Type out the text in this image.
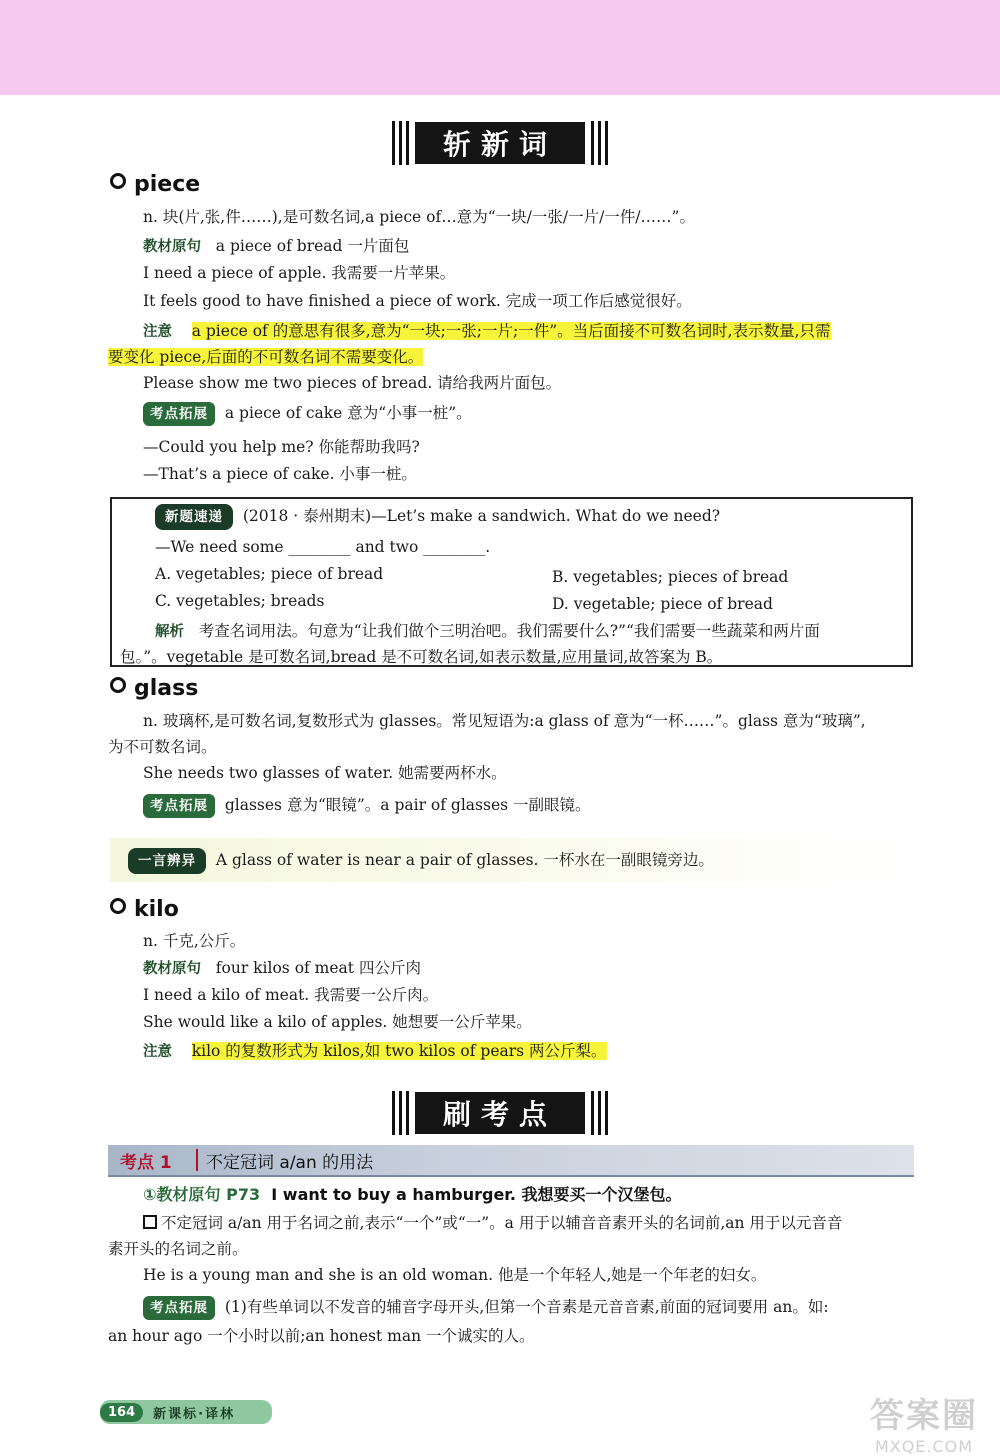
斩新词
piece
n. 块(片,张,件……),是可数名词,a piece of…意为“一块/一张/一片/一件/……”。
教材原句 a piece of bread 一片面包
I need a piece of apple. 我需要一片苹果。
It feels good to have finished a piece of work. 完成一项工作后感觉很好。
注意 a piece of 的意思有很多,意为“一块;一张;一片;一件”。当后面接不可数名词时,表示数量,只需
要变化 piece,后面的不可数名词不需要变化。
Please show me two pieces of bread. 请给我两片面包。
考点拓展 a piece of cake 意为“小事一桩”。
—Could you help me? 你能帮助我吗?
—That’s a piece of cake. 小事一桩。
新题速递 (2018 · 泰州期末)—Let’s make a sandwich. What do we need?
—We need some ________ and two ________.
A. vegetables; piece of bread	B. vegetables; pieces of bread
C. vegetables; breads	D. vegetable; piece of bread
解析 考查名词用法。句意为“让我们做个三明治吧。我们需要什么?”“我们需要一些蔬菜和两片面
包。”。vegetable 是可数名词,bread 是不可数名词,如表示数量,应用量词,故答案为 B。
glass
n. 玻璃杯,是可数名词,复数形式为 glasses。常见短语为:a glass of 意为“一杯……”。glass 意为“玻璃”,
为不可数名词。
She needs two glasses of water. 她需要两杯水。
考点拓展 glasses 意为“眼镜”。a pair of glasses 一副眼镜。
一言辨异 A glass of water is near a pair of glasses. 一杯水在一副眼镜旁边。
kilo
n. 千克,公斤。
教材原句 four kilos of meat 四公斤肉
I need a kilo of meat. 我需要一公斤肉。
She would like a kilo of apples. 她想要一公斤苹果。
注意 kilo 的复数形式为 kilos,如 two kilos of pears 两公斤梨。
刷考点
考点 1 不定冠词 a/an 的用法
①教材原句 P73 I want to buy a hamburger. 我想要买一个汉堡包。
不定冠词 a/an 用于名词之前,表示“一个”或“一”。a 用于以辅音音素开头的名词前,an 用于以元音音
素开头的名词之前。
He is a young man and she is an old woman. 他是一个年轻人,她是一个年老的妇女。
考点拓展 (1)有些单词以不发音的辅音字母开头,但第一个音素是元音音素,前面的冠词要用 an。如:
an hour ago 一个小时以前;an honest man 一个诚实的人。
164	新课标·译林	答案圈
MXQE.COM
